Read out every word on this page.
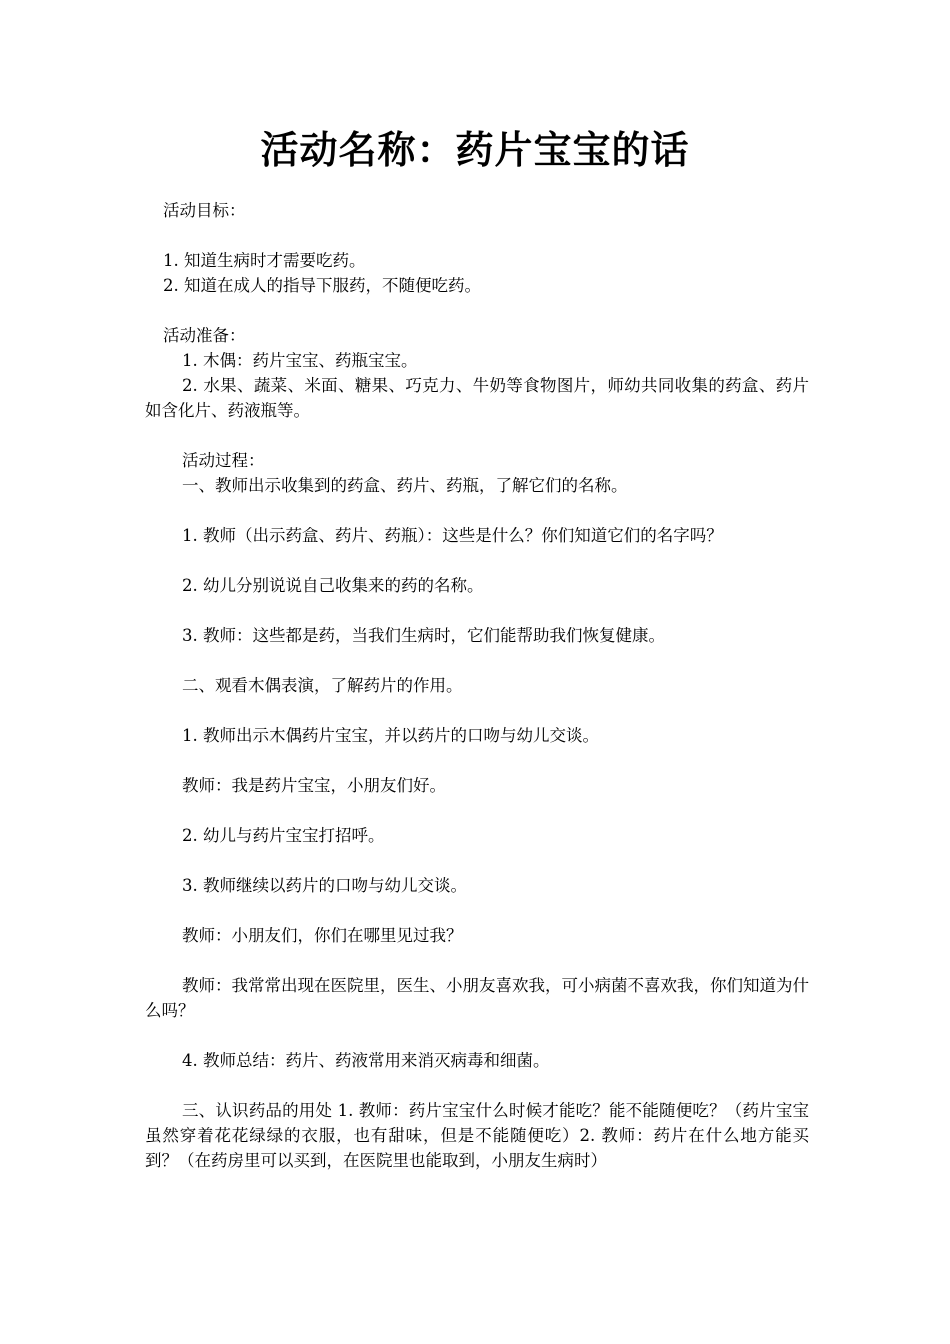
活动名称：药片宝宝的话

活动目标：

1. 知道生病时才需要吃药。

2. 知道在成人的指导下服药，不随便吃药。

活动准备：

1. 木偶：药片宝宝、药瓶宝宝。

2. 水果、蔬菜、米面、糖果、巧克力、牛奶等食物图片，师幼共同收集的药盒、药片如含化片、药液瓶等。

活动过程：

一、教师出示收集到的药盒、药片、药瓶，了解它们的名称。

1. 教师（出示药盒、药片、药瓶）：这些是什么？你们知道它们的名字吗？

2. 幼儿分别说说自己收集来的药的名称。

3. 教师：这些都是药，当我们生病时，它们能帮助我们恢复健康。

二、观看木偶表演，了解药片的作用。

1. 教师出示木偶药片宝宝，并以药片的口吻与幼儿交谈。

教师：我是药片宝宝，小朋友们好。

2. 幼儿与药片宝宝打招呼。

3. 教师继续以药片的口吻与幼儿交谈。

教师：小朋友们，你们在哪里见过我？

教师：我常常出现在医院里，医生、小朋友喜欢我，可小病菌不喜欢我，你们知道为什么吗？

4. 教师总结：药片、药液常用来消灭病毒和细菌。

三、认识药品的用处 1. 教师：药片宝宝什么时候才能吃？能不能随便吃？（药片宝宝虽然穿着花花绿绿的衣服，也有甜味，但是不能随便吃）2. 教师：药片在什么地方能买到？（在药房里可以买到，在医院里也能取到，小朋友生病时）
